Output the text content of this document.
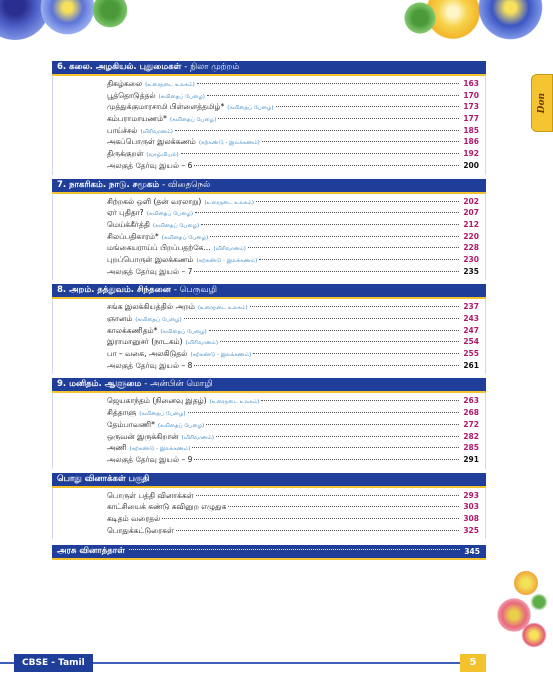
Don
6. கலை. அழகியல். புதுமைகள் - நிலா முற்றம்
திகழ்கலை (உரைநடை உலகம்)	163
பூத்தொடுத்தல் (கவிதைப் பேழை)	170
முத்துக்குமாரசாமி பிள்ளைத்தமிழ்* (கவிதைப் பேழை)	173
கம்பராமாயணம்* (கவிதைப் பேழை)	177
பாய்ச்சல் (விரிவானம்)	185
அகப்பொருள் இலக்கணம் (கற்கண்டு - இலக்கணம்)	186
திருக்குறள் (வாழ்வியல்)	192
அலகுத் தேர்வு இயல் – 6	200
7. நாகரிகம். நாடு. சமூகம் - விதைநெல்
சிற்றகல் ஒளி (தன் வரலாறு) (உரைநடை உலகம்)	202
ஏர் புதிதா? (கவிதைப் பேழை)	207
மெய்க்கீர்த்தி (கவிதைப் பேழை)	212
சிலப்பதிகாரம்* (கவிதைப் பேழை)	220
மங்கையராய்ப் பிறப்பதற்கே... (விரிவானம்)	228
புறப்பொருள் இலக்கணம் (கற்கண்டு - இலக்கணம்)	230
அலகுத் தேர்வு இயல் – 7	235
8. அறம். தத்துவம். சிந்தனை - பெருவழி
சங்க இலக்கியத்தில் அறம் (உரைநடை உலகம்)	237
ஞானம் (கவிதைப் பேழை)	243
காலக்கணிதம்* (கவிதைப் பேழை)	247
இராமானுசர் (நாடகம்) (விரிவானம்)	254
பா – வகை, அலகிடுதல் (கற்கண்டு - இலக்கணம்)	255
அலகுத் தேர்வு இயல் – 8	261
9. மனிதம். ஆளுமை - அன்பின் மொழி
ஜெயகாந்தம் (நினைவு இதழ்) (உரைநடை உலகம்)	263
சித்தாளு (கவிதைப் பேழை)	268
தேம்பாவணி* (கவிதைப் பேழை)	272
ஒருவன் இருக்கிறான் (விரிவானம்)	282
அணி (கற்கண்டு - இலக்கணம்)	285
அலகுத் தேர்வு இயல் – 9	291
பொது வினாக்கள் பகுதி
பொருள் பத்தி வினாக்கள்	293
காட்சியைக் கண்டு கவினுற எழுதுக	303
கடிதம் வரைதல்	308
பொதுக்கட்டுரைகள்	325
அரசு வினாத்தாள்	345
CBSE - Tamil	5
